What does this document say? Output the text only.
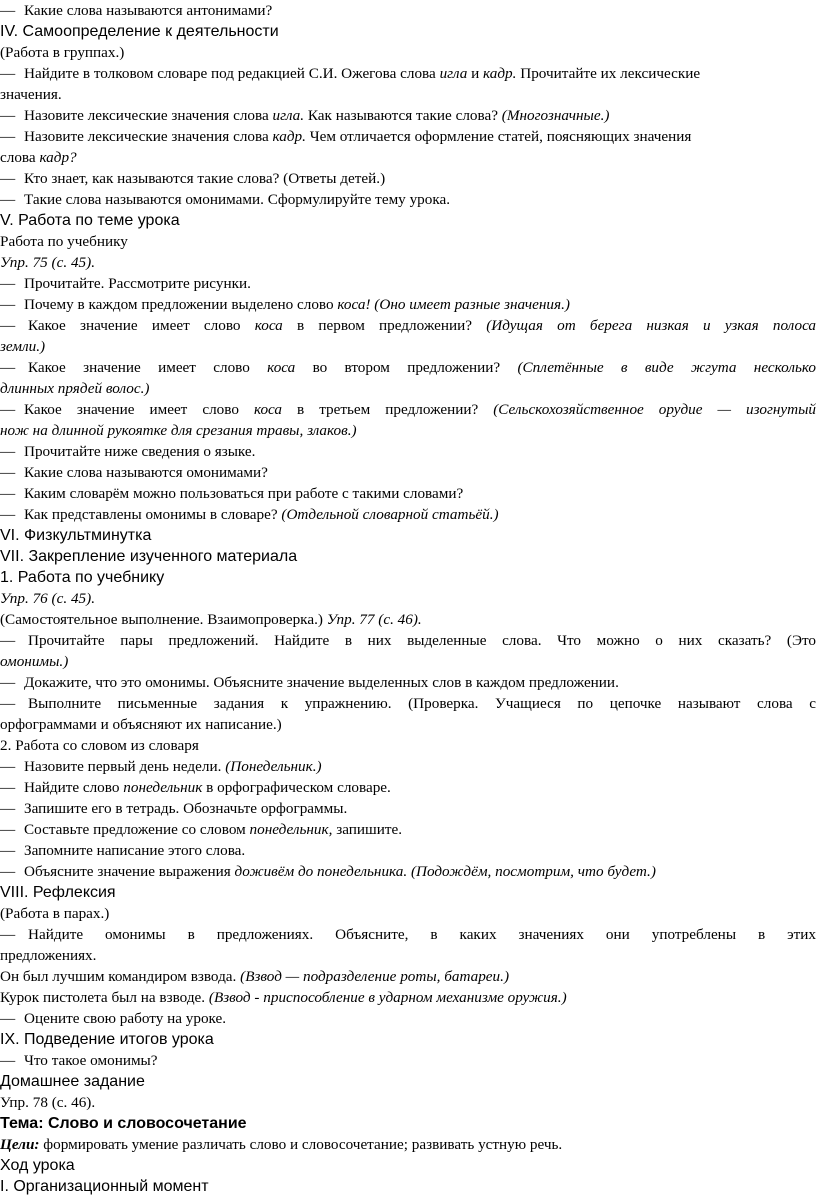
— Какие слова называются антонимами?

IV. Самоопределение к деятельности

(Работа в группах.)

— Найдите в толковом словаре под редакцией С.И. Ожегова слова игла и кадр. Прочитайте их лексические

значения.

— Назовите лексические значения слова игла. Как называются такие слова? (Многозначные.)

— Назовите лексические значения слова кадр. Чем отличается оформление статей, поясняющих значения

слова кадр?

— Кто знает, как называются такие слова? (Ответы детей.)

— Такие слова называются омонимами. Сформулируйте тему урока.

V. Работа по теме урока

Работа по учебнику

Упр. 75 (с. 45).

— Прочитайте. Рассмотрите рисунки.

— Почему в каждом предложении выделено слово коса! (Оно имеет разные значения.)

— Какое значение имеет слово коса в первом предложении? (Идущая от берега низкая и узкая полоса

земли.)

— Какое значение имеет слово коса во втором предложении? (Сплетённые в виде жгута несколько

длинных прядей волос.)

— Какое значение имеет слово коса в третьем предложении? (Сельскохозяйственное орудие — изогнутый

нож на длинной рукоятке для срезания травы, злаков.)

— Прочитайте ниже сведения о языке.

— Какие слова называются омонимами?

— Каким словарём можно пользоваться при работе с такими словами?

— Как представлены омонимы в словаре? (Отдельной словарной статьёй.)

VI. Физкультминутка

VII. Закрепление изученного материала

1. Работа по учебнику

Упр. 76 (с. 45).

(Самостоятельное выполнение. Взаимопроверка.) Упр. 77 (с. 46).

— Прочитайте пары предложений. Найдите в них выделенные слова. Что можно о них сказать? (Это

омонимы.)

— Докажите, что это омонимы. Объясните значение выделенных слов в каждом предложении.

— Выполните письменные задания к упражнению. (Проверка. Учащиеся по цепочке называют слова с

орфограммами и объясняют их написание.)

2. Работа со словом из словаря

— Назовите первый день недели. (Понедельник.)

— Найдите слово понедельник в орфографическом словаре.

— Запишите его в тетрадь. Обозначьте орфограммы.

— Составьте предложение со словом понедельник, запишите.

— Запомните написание этого слова.

— Объясните значение выражения доживём до понедельника. (Подождём, посмотрим, что будет.)

VIII. Рефлексия

(Работа в парах.)

— Найдите омонимы в предложениях. Объясните, в каких значениях они употреблены в этих

предложениях.

Он был лучшим командиром взвода. (Взвод — подразделение роты, батареи.)

Курок пистолета был на взводе. (Взвод - приспособление в ударном механизме оружия.)

— Оцените свою работу на уроке.

IX. Подведение итогов урока

— Что такое омонимы?

Домашнее задание

Упр. 78 (с. 46).

Тема: Слово и словосочетание

Цели: формировать умение различать слово и словосочетание; развивать устную речь.

Ход урока

I. Организационный момент
